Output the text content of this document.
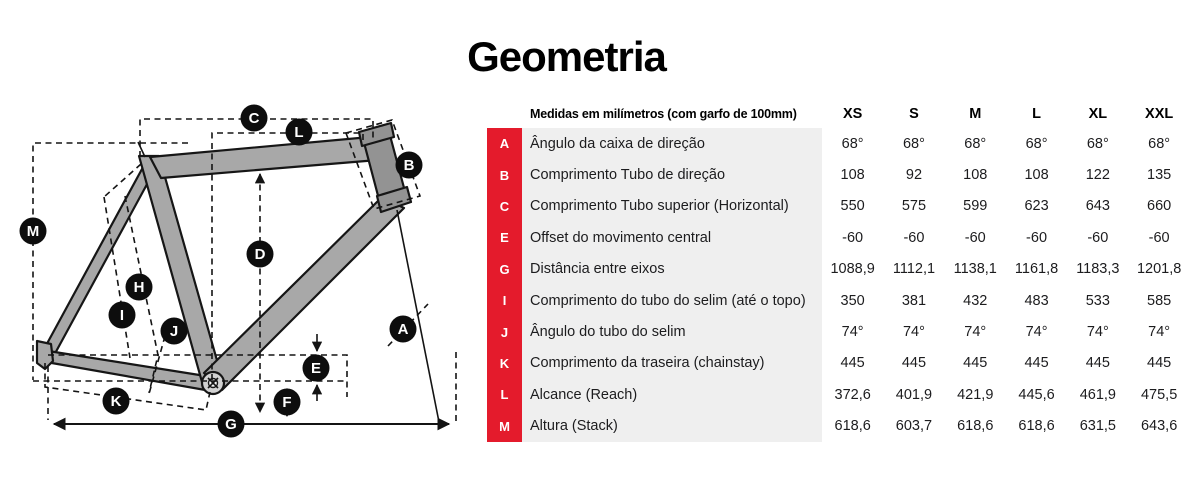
Geometria
A
B
C
D
E
F
G
H
I
J
K
L
M
Medidas em milímetros (com garfo de 100mm)	XS	S	M	L	XL	XXL
A	Ângulo da caixa de direção	68°	68°	68°	68°	68°	68°
B	Comprimento Tubo de direção	108	92	108	108	122	135
C	Comprimento Tubo superior (Horizontal)	550	575	599	623	643	660
E	Offset do movimento central	-60	-60	-60	-60	-60	-60
G	Distância entre eixos	1088,9	1112,1	1138,1	1161,8	1183,3	1201,8
I	Comprimento do tubo do selim (até o topo)	350	381	432	483	533	585
J	Ângulo do tubo do selim	74°	74°	74°	74°	74°	74°
K	Comprimento da traseira (chainstay)	445	445	445	445	445	445
L	Alcance (Reach)	372,6	401,9	421,9	445,6	461,9	475,5
M	Altura (Stack)	618,6	603,7	618,6	618,6	631,5	643,6
